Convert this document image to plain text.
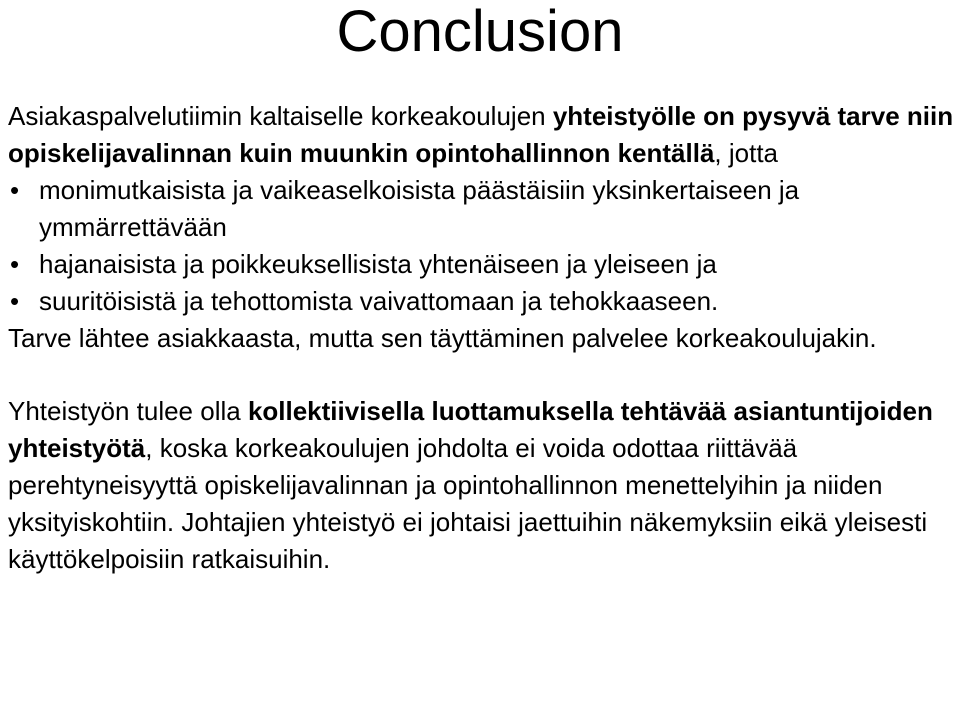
Conclusion

Asiakaspalvelutiimin kaltaiselle korkeakoulujen yhteistyölle on pysyvä tarve niin opiskelijavalinnan kuin muunkin opintohallinnon kentällä, jotta

• monimutkaisista ja vaikeaselkoisista päästäisiin yksinkertaiseen ja ymmärrettävään
• hajanaisista ja poikkeuksellisista yhtenäiseen ja yleiseen ja
• suuritöisistä ja tehottomista vaivattomaan ja tehokkaaseen.

Tarve lähtee asiakkaasta, mutta sen täyttäminen palvelee korkeakoulujakin.

Yhteistyön tulee olla kollektiivisella luottamuksella tehtävää asiantuntijoiden yhteistyötä, koska korkeakoulujen johdolta ei voida odottaa riittävää perehtyneisyyttä opiskelijavalinnan ja opintohallinnon menettelyihin ja niiden yksityiskohtiin. Johtajien yhteistyö ei johtaisi jaettuihin näkemyksiin eikä yleisesti käyttökelpoisiin ratkaisuihin.
